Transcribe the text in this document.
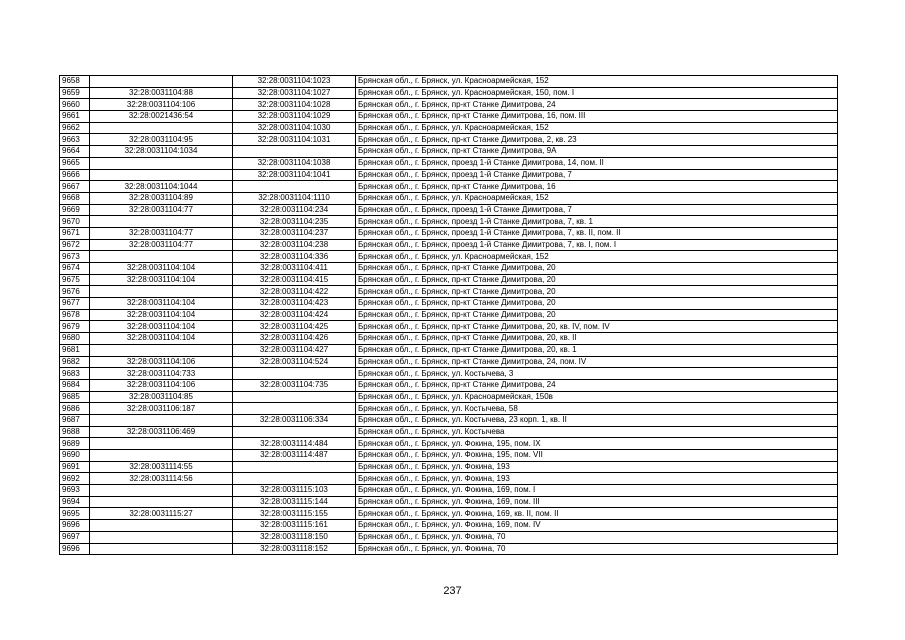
9658		32:28:0031104:1023	Брянская обл., г. Брянск, ул. Красноармейская, 152
9659	32:28:0031104:88	32:28:0031104:1027	Брянская обл., г. Брянск, ул. Красноармейская, 150, пом. I
9660	32:28:0031104:106	32:28:0031104:1028	Брянская обл., г. Брянск, пр-кт Станке Димитрова, 24
9661	32:28:0021436:54	32:28:0031104:1029	Брянская обл., г. Брянск, пр-кт Станке Димитрова, 16, пом. III
9662		32:28:0031104:1030	Брянская обл., г. Брянск, ул. Красноармейская, 152
9663	32:28:0031104:95	32:28:0031104:1031	Брянская обл., г. Брянск, пр-кт Станке Димитрова, 2, кв. 23
9664	32:28:0031104:1034		Брянская обл., г. Брянск, пр-кт Станке Димитрова, 9А
9665		32:28:0031104:1038	Брянская обл., г. Брянск, проезд 1-й Станке Димитрова, 14, пом. II
9666		32:28:0031104:1041	Брянская обл., г. Брянск, проезд 1-й Станке Димитрова, 7
9667	32:28:0031104:1044		Брянская обл., г. Брянск, пр-кт Станке Димитрова, 16
9668	32:28:0031104:89	32:28:0031104:1110	Брянская обл., г. Брянск, ул. Красноармейская, 152
9669	32:28:0031104:77	32:28:0031104:234	Брянская обл., г. Брянск, проезд 1-й Станке Димитрова, 7
9670		32:28:0031104:235	Брянская обл., г. Брянск, проезд 1-й Станке Димитрова, 7, кв. 1
9671	32:28:0031104:77	32:28:0031104:237	Брянская обл., г. Брянск, проезд 1-й Станке Димитрова, 7, кв. II, пом. II
9672	32:28:0031104:77	32:28:0031104:238	Брянская обл., г. Брянск, проезд 1-й Станке Димитрова, 7, кв. I, пом. I
9673		32:28:0031104:336	Брянская обл., г. Брянск, ул. Красноармейская, 152
9674	32:28:0031104:104	32:28:0031104:411	Брянская обл., г. Брянск, пр-кт Станке Димитрова, 20
9675	32:28:0031104:104	32:28:0031104:415	Брянская обл., г. Брянск, пр-кт Станке Димитрова, 20
9676		32:28:0031104:422	Брянская обл., г. Брянск, пр-кт Станке Димитрова, 20
9677	32:28:0031104:104	32:28:0031104:423	Брянская обл., г. Брянск, пр-кт Станке Димитрова, 20
9678	32:28:0031104:104	32:28:0031104:424	Брянская обл., г. Брянск, пр-кт Станке Димитрова, 20
9679	32:28:0031104:104	32:28:0031104:425	Брянская обл., г. Брянск, пр-кт Станке Димитрова, 20, кв. IV, пом. IV
9680	32:28:0031104:104	32:28:0031104:426	Брянская обл., г. Брянск, пр-кт Станке Димитрова, 20, кв. II
9681		32:28:0031104:427	Брянская обл., г. Брянск, пр-кт Станке Димитрова, 20, кв. 1
9682	32:28:0031104:106	32:28:0031104:524	Брянская обл., г. Брянск, пр-кт Станке Димитрова, 24, пом. IV
9683	32:28:0031104:733		Брянская обл., г. Брянск, ул. Костычева, 3
9684	32:28:0031104:106	32:28:0031104:735	Брянская обл., г. Брянск, пр-кт Станке Димитрова, 24
9685	32:28:0031104:85		Брянская обл., г. Брянск, ул. Красноармейская, 150в
9686	32:28:0031106:187		Брянская обл., г. Брянск, ул. Костычева, 58
9687		32:28:0031106:334	Брянская обл., г. Брянск, ул. Костычева, 23 корп. 1, кв. II
9688	32:28:0031106:469		Брянская обл., г. Брянск, ул. Костычева
9689		32:28:0031114:484	Брянская обл., г. Брянск, ул. Фокина, 195, пом. IX
9690		32:28:0031114:487	Брянская обл., г. Брянск, ул. Фокина, 195, пом. VII
9691	32:28:0031114:55		Брянская обл., г. Брянск, ул. Фокина, 193
9692	32:28:0031114:56		Брянская обл., г. Брянск, ул. Фокина, 193
9693		32:28:0031115:103	Брянская обл., г. Брянск, ул. Фокина, 169, пом. I
9694		32:28:0031115:144	Брянская обл., г. Брянск, ул. Фокина, 169, пом. III
9695	32:28:0031115:27	32:28:0031115:155	Брянская обл., г. Брянск, ул. Фокина, 169, кв. II, пом. II
9696		32:28:0031115:161	Брянская обл., г. Брянск, ул. Фокина, 169, пом. IV
9697		32:28:0031118:150	Брянская обл., г. Брянск, ул. Фокина, 70
9696		32:28:0031118:152	Брянская обл., г. Брянск, ул. Фокина, 70
237
